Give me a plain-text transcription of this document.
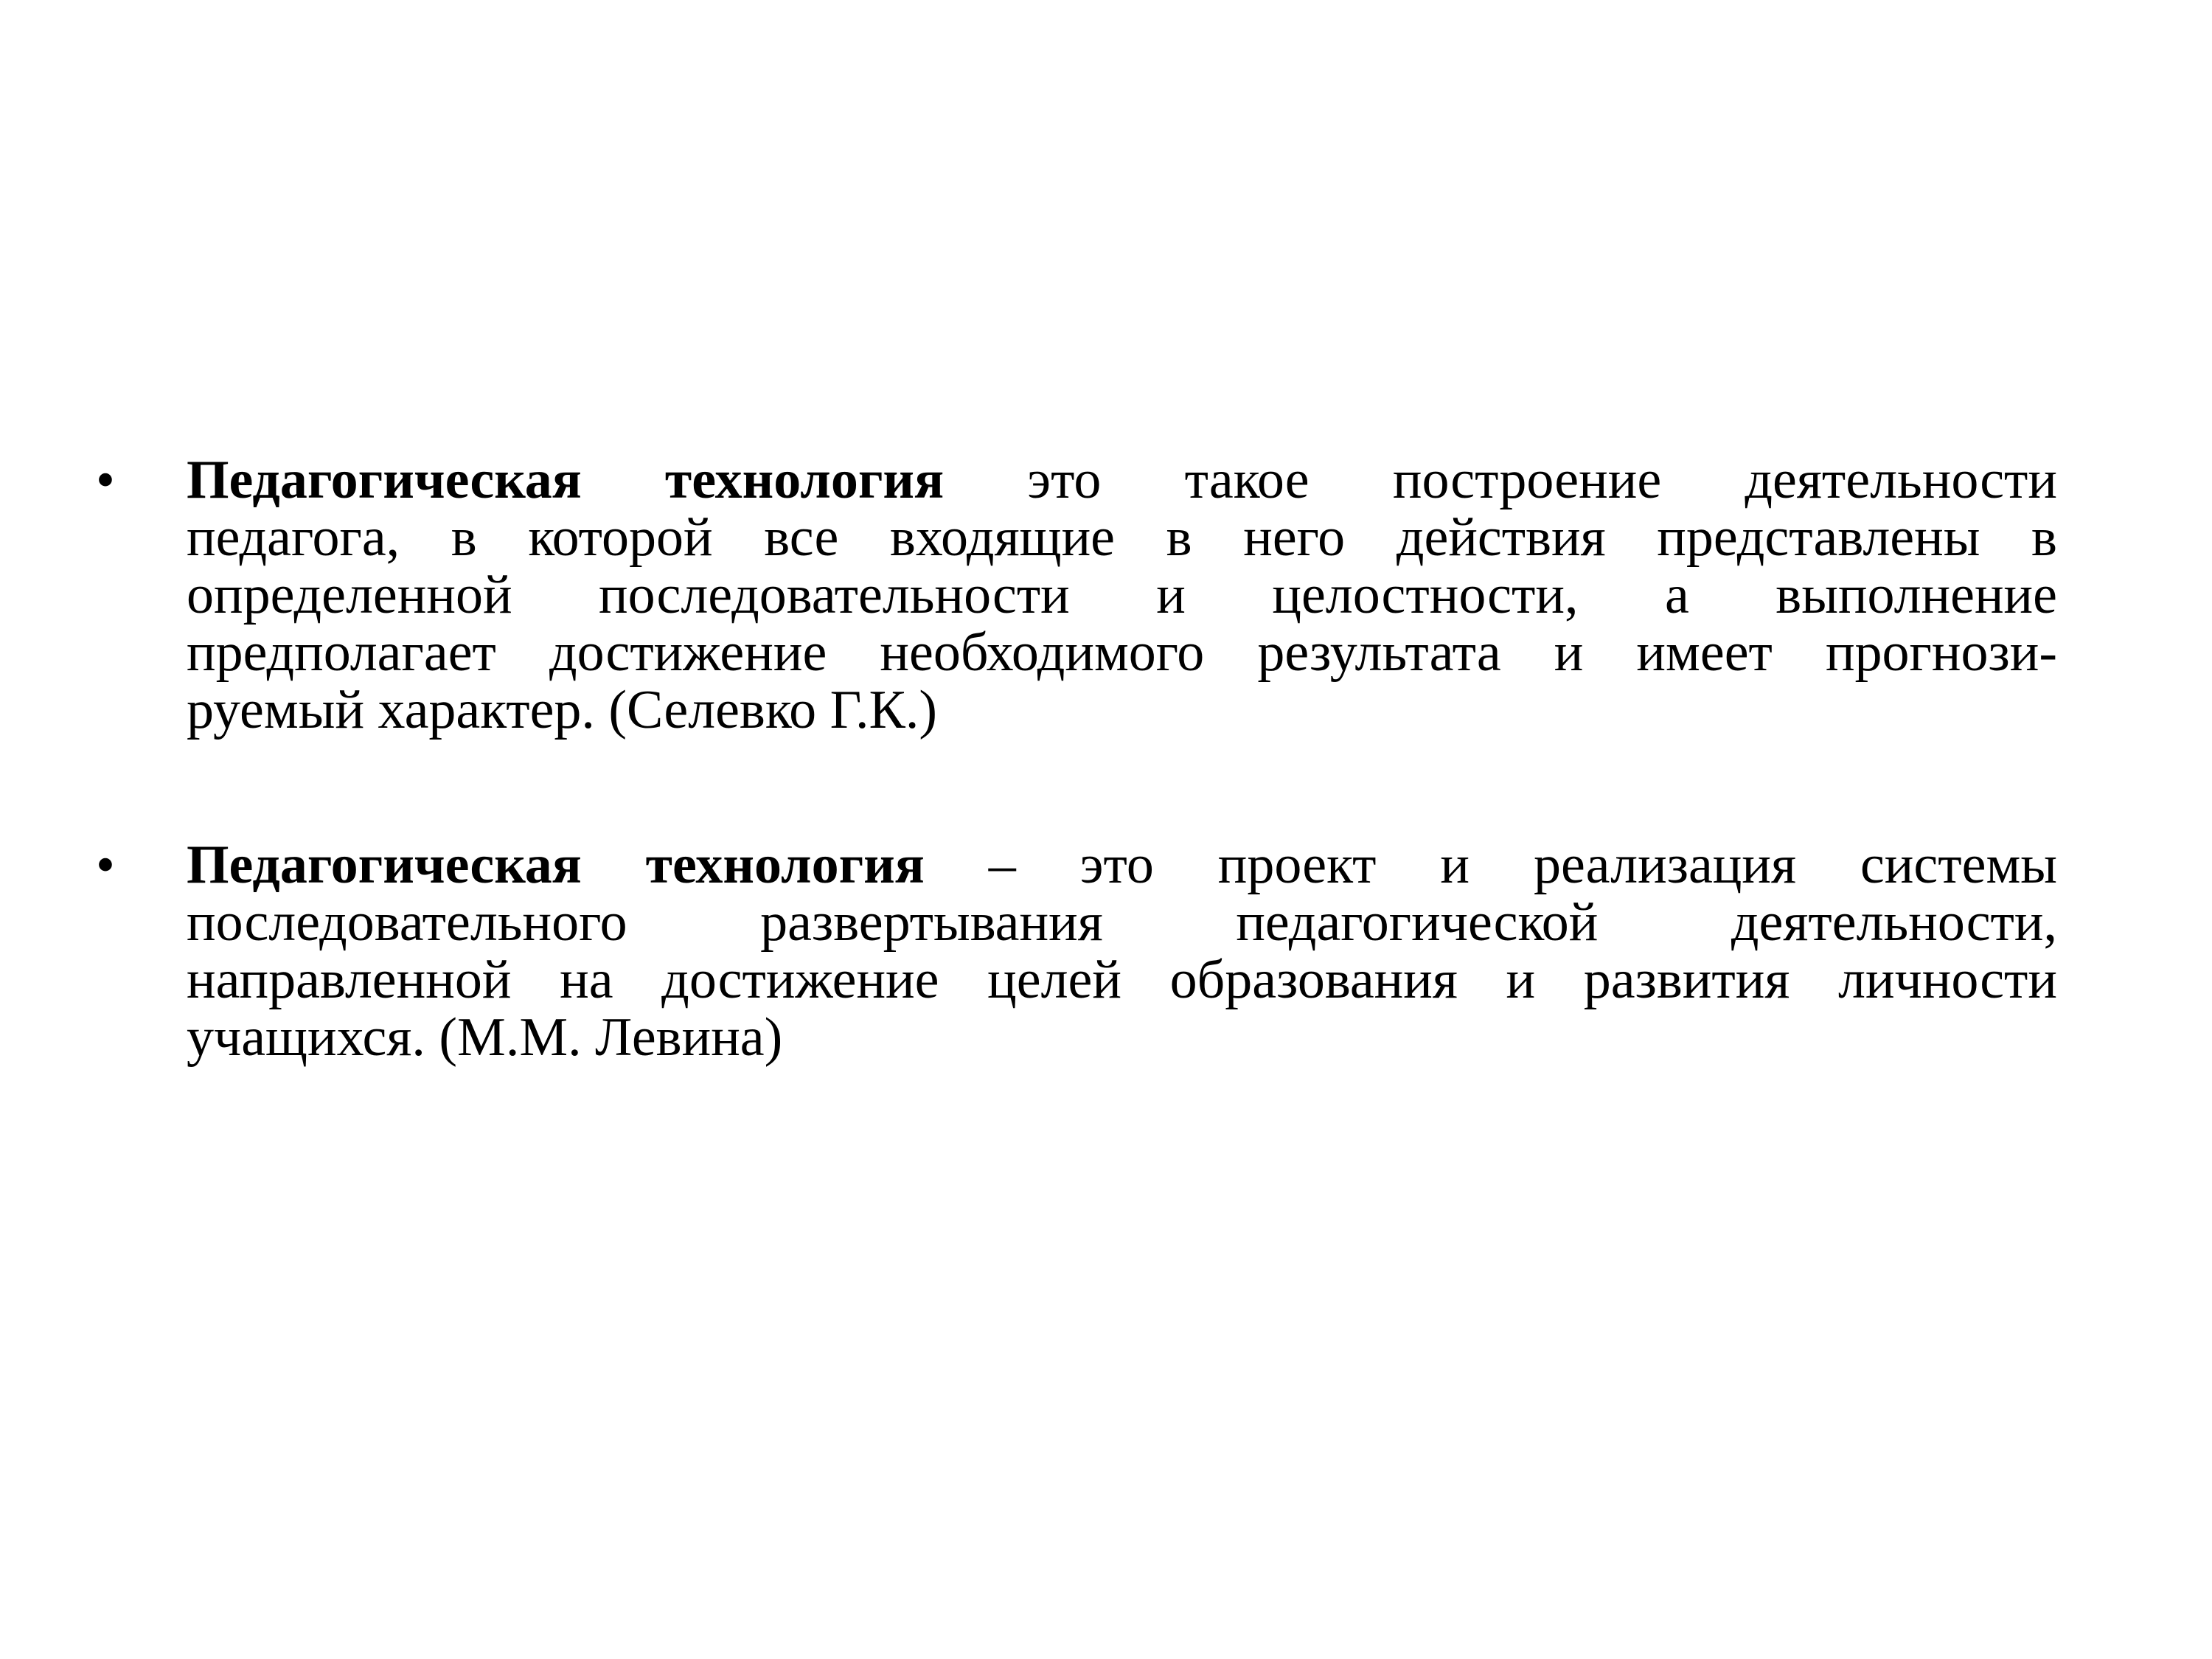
• Педагогическая технология это такое построение деятельности
педагога, в которой все входящие в него действия представлены в
определенной последовательности и целостности, а выполнение
предполагает достижение необходимого результата и имеет прогнози-
руемый характер. (Селевко Г.К.)
• Педагогическая технология – это проект и реализация системы
последовательного развертывания педагогической деятельности,
направленной на достижение целей образования и развития личности
учащихся. (М.М. Левина)
